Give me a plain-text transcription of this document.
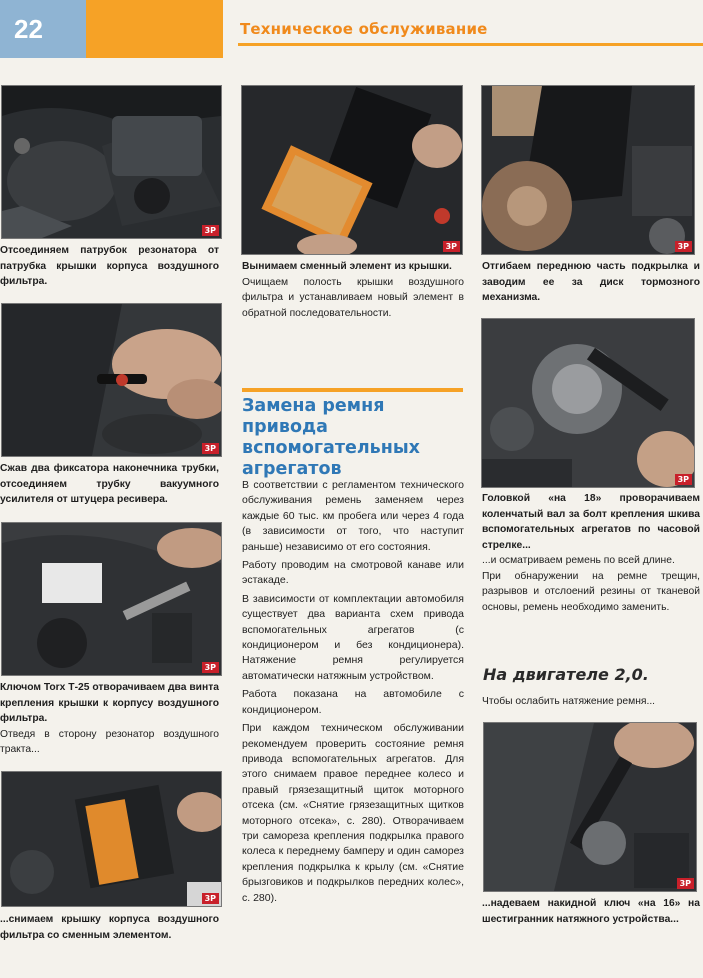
22	Техническое обслуживание
3Р
Отсоединяем патрубок резонатора от патрубка крышки корпуса воздушного фильтра.
3Р
Сжав два фиксатора наконечника трубки, отсоединяем трубку вакуумного усилителя от штуцера ресивера.
3Р
Ключом Torx Т-25 отворачиваем два винта крепления крышки к корпусу воздушного фильтра.
Отведя в сторону резонатор воздушного тракта...
3Р
...снимаем крышку корпуса воздушного фильтра со сменным элементом.
3Р
Вынимаем сменный элемент из крышки.
Очищаем полость крышки воздушного фильтра и устанавливаем новый элемент в обратной последовательности.
Замена ремня привода вспомогательных агрегатов

В соответствии с регламентом технического обслуживания ремень заменяем через каждые 60 тыс. км пробега или через 4 года (в зависимости от того, что наступит раньше) независимо от его состояния.

Работу проводим на смотровой канаве или эстакаде.

В зависимости от комплектации автомобиля существует два варианта схем привода вспомогательных агрегатов (с кондиционером и без кондиционера). Натяжение ремня регулируется автоматически натяжным устройством.

Работа показана на автомобиле с кондиционером.

При каждом техническом обслуживании рекомендуем проверить состояние ремня привода вспомогательных агрегатов. Для этого снимаем правое переднее колесо и правый грязезащитный щиток моторного отсека (см. «Снятие грязезащитных щитков моторного отсека», с. 280). Отворачиваем три самореза крепления подкрылка правого колеса к переднему бамперу и один саморез крепления подкрылка к крылу (см. «Снятие брызговиков и подкрылков передних колес», с. 280).

3Р
Отгибаем переднюю часть подкрылка и заводим ее за диск тормозного механизма.
3Р
Головкой «на 18» проворачиваем коленчатый вал за болт крепления шкива вспомогательных агрегатов по часовой стрелке...
...и осматриваем ремень по всей длине.
При обнаружении на ремне трещин, разрывов и отслоений резины от тканевой основы, ремень необходимо заменить.
На двигателе 2,0.
Чтобы ослабить натяжение ремня...
3Р
...надеваем накидной ключ «на 16» на шестигранник натяжного устройства...
